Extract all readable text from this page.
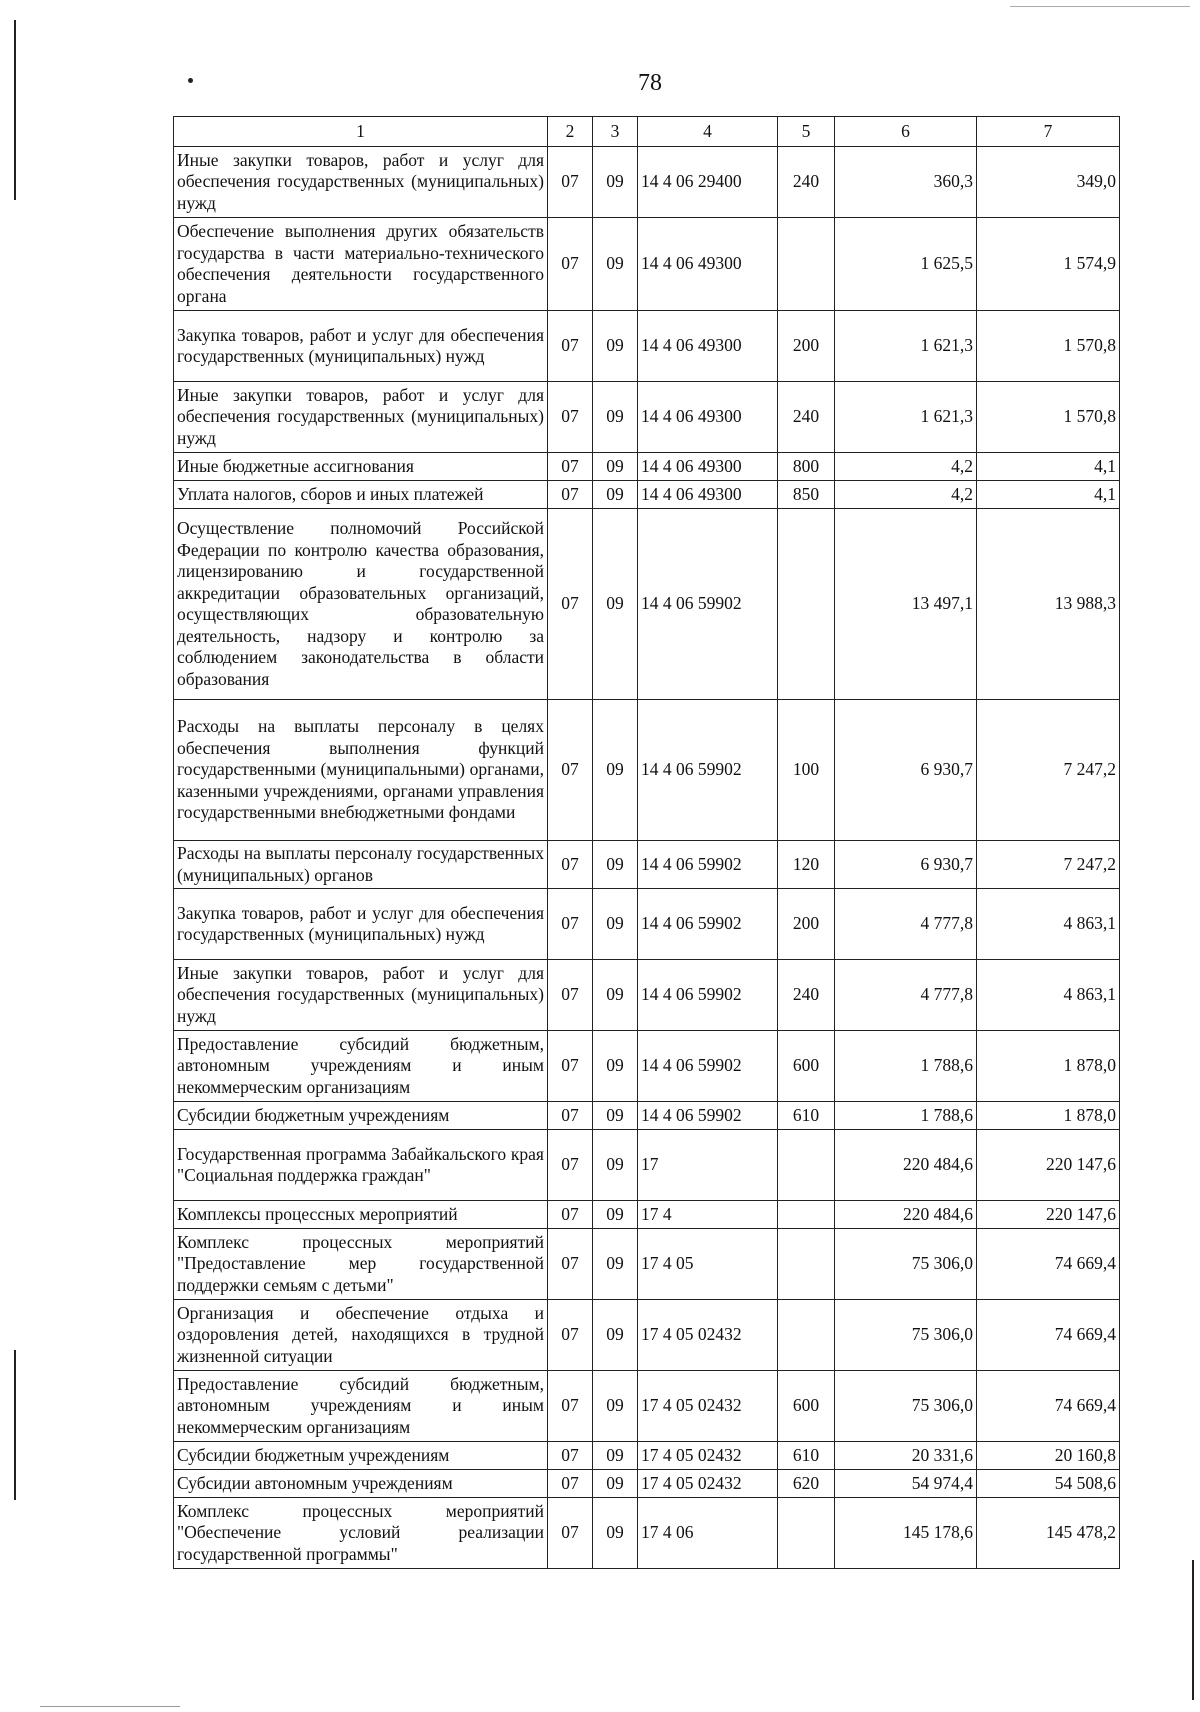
78
1	2	3	4	5	6	7
Иные закупки товаров, работ и услуг для обеспечения государственных (муниципальных) нужд	07	09	14 4 06 29400	240	360,3	349,0
Обеспечение выполнения других обязательств государства в части материально-технического обеспечения деятельности государственного органа	07	09	14 4 06 49300		1 625,5	1 574,9
Закупка товаров, работ и услуг для обеспечения государственных (муниципальных) нужд	07	09	14 4 06 49300	200	1 621,3	1 570,8
Иные закупки товаров, работ и услуг для обеспечения государственных (муниципальных) нужд	07	09	14 4 06 49300	240	1 621,3	1 570,8
Иные бюджетные ассигнования	07	09	14 4 06 49300	800	4,2	4,1
Уплата налогов, сборов и иных платежей	07	09	14 4 06 49300	850	4,2	4,1
Осуществление полномочий Российской Федерации по контролю качества образования, лицензированию и государственной аккредитации образовательных организаций, осуществляющих образовательную деятельность, надзору и контролю за соблюдением законодательства в области образования	07	09	14 4 06 59902		13 497,1	13 988,3
Расходы на выплаты персоналу в целях обеспечения выполнения функций государственными (муниципальными) органами, казенными учреждениями, органами управления государственными внебюджетными фондами	07	09	14 4 06 59902	100	6 930,7	7 247,2
Расходы на выплаты персоналу государственных (муниципальных) органов	07	09	14 4 06 59902	120	6 930,7	7 247,2
Закупка товаров, работ и услуг для обеспечения государственных (муниципальных) нужд	07	09	14 4 06 59902	200	4 777,8	4 863,1
Иные закупки товаров, работ и услуг для обеспечения государственных (муниципальных) нужд	07	09	14 4 06 59902	240	4 777,8	4 863,1
Предоставление субсидий бюджетным, автономным учреждениям и иным некоммерческим организациям	07	09	14 4 06 59902	600	1 788,6	1 878,0
Субсидии бюджетным учреждениям	07	09	14 4 06 59902	610	1 788,6	1 878,0
Государственная программа Забайкальского края "Социальная поддержка граждан"	07	09	17		220 484,6	220 147,6
Комплексы процессных мероприятий	07	09	17 4		220 484,6	220 147,6
Комплекс процессных мероприятий "Предоставление мер государственной поддержки семьям с детьми"	07	09	17 4 05		75 306,0	74 669,4
Организация и обеспечение отдыха и оздоровления детей, находящихся в трудной жизненной ситуации	07	09	17 4 05 02432		75 306,0	74 669,4
Предоставление субсидий бюджетным, автономным учреждениям и иным некоммерческим организациям	07	09	17 4 05 02432	600	75 306,0	74 669,4
Субсидии бюджетным учреждениям	07	09	17 4 05 02432	610	20 331,6	20 160,8
Субсидии автономным учреждениям	07	09	17 4 05 02432	620	54 974,4	54 508,6
Комплекс процессных мероприятий "Обеспечение условий реализации государственной программы"	07	09	17 4 06		145 178,6	145 478,2
